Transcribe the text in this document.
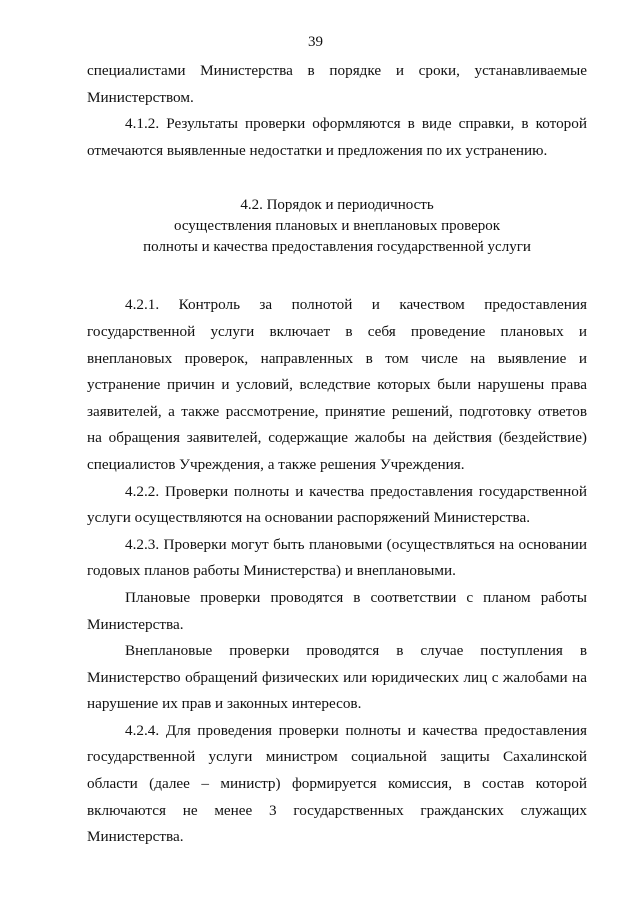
39

специалистами Министерства в порядке и сроки, устанавливаемые Министерством.

4.1.2. Результаты проверки оформляются в виде справки, в которой отмечаются выявленные недостатки и предложения по их устранению.

4.2. Порядок и периодичность
осуществления плановых и внеплановых проверок
полноты и качества предоставления государственной услуги

4.2.1. Контроль за полнотой и качеством предоставления государственной услуги включает в себя проведение плановых и внеплановых проверок, направленных в том числе на выявление и устранение причин и условий, вследствие которых были нарушены права заявителей, а также рассмотрение, принятие решений, подготовку ответов на обращения заявителей, содержащие жалобы на действия (бездействие) специалистов Учреждения, а также решения Учреждения.

4.2.2. Проверки полноты и качества предоставления государственной услуги осуществляются на основании распоряжений Министерства.

4.2.3. Проверки могут быть плановыми (осуществляться на основании годовых планов работы Министерства) и внеплановыми.

Плановые проверки проводятся в соответствии с планом работы Министерства.

Внеплановые проверки проводятся в случае поступления в Министерство обращений физических или юридических лиц с жалобами на нарушение их прав и законных интересов.

4.2.4. Для проведения проверки полноты и качества предоставления государственной услуги министром социальной защиты Сахалинской области (далее – министр) формируется комиссия, в состав которой включаются не менее 3 государственных гражданских служащих Министерства.
